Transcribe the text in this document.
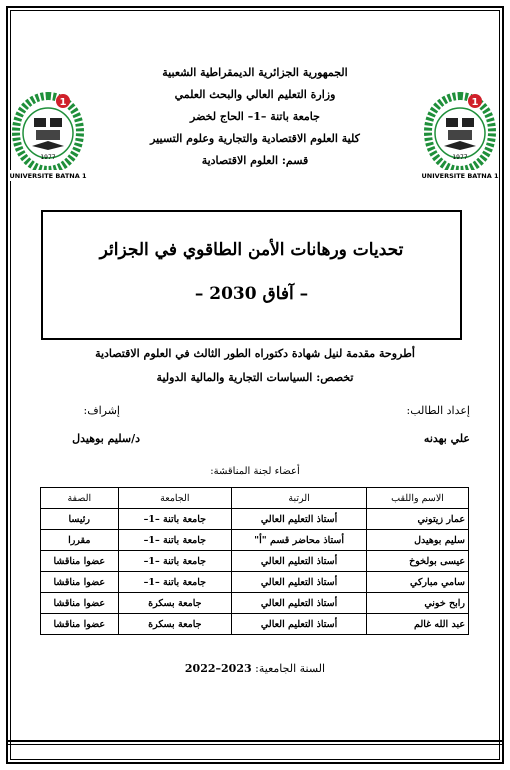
1
1977
UNIVERSITE BATNA 1
1
1977
UNIVERSITE BATNA 1
الجمهورية الجزائرية الديمقراطية الشعبية
وزارة التعليم العالي والبحث العلمي
جامعة باتنة –1– الحاج لخضر
كلية العلوم الاقتصادية والتجارية وعلوم التسيير
قسم: العلوم الاقتصادية
تحديات ورهانات الأمن الطاقوي في الجزائر
– آفاق 2030 –
أطروحة مقدمة لنيل شهادة دكتوراه الطور الثالث في العلوم الاقتصادية
تخصص: السياسات التجارية والمالية الدولية
إعداد الطالب:
إشراف:
علي بهدنه
د/سليم بوهيدل
أعضاء لجنة المناقشة:
الاسم واللقب	الرتبة	الجامعة	الصفة
عمار زيتوني	أستاذ التعليم العالي	جامعة باتنة –1–	رئيسا
سليم بوهيدل	أستاذ محاضر قسم "أ"	جامعة باتنة –1–	مقررا
عيسى بولخوخ	أستاذ التعليم العالي	جامعة باتنة –1–	عضوا مناقشا
سامي مباركي	أستاذ التعليم العالي	جامعة باتنة –1–	عضوا مناقشا
رابح خوني	أستاذ التعليم العالي	جامعة بسكرة	عضوا مناقشا
عبد الله غالم	أستاذ التعليم العالي	جامعة بسكرة	عضوا مناقشا
السنة الجامعية: 2023–2022
